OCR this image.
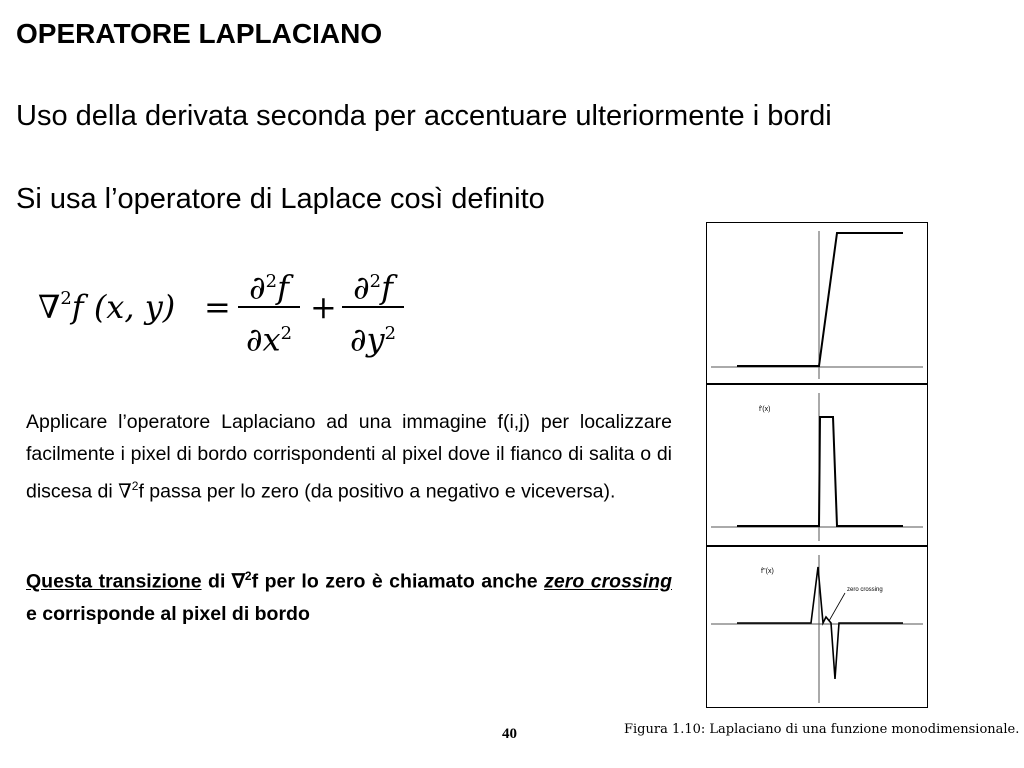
OPERATORE LAPLACIANO
Uso della derivata seconda per accentuare ulteriormente i bordi
Si usa l’operatore di Laplace così definito
∇$^2$f (x, y) =
∂$^2$f
$\partial x^2$
+
∂$^2$f
$\partial y^2$
Applicare l’operatore Laplaciano ad una immagine f(i,j) per localizzare facilmente i pixel di bordo corrispondenti al pixel dove il fianco di salita o di discesa di ∇$^2$f passa per lo zero (da positivo a negativo e viceversa).
Questa transizione di ∇$^2$f per lo zero è chiamato anche zero crossing e corrisponde al pixel di bordo
f'(x)
f''(x)
zero crossing
40	Figura 1.10: Laplaciano di una funzione monodimensionale.
